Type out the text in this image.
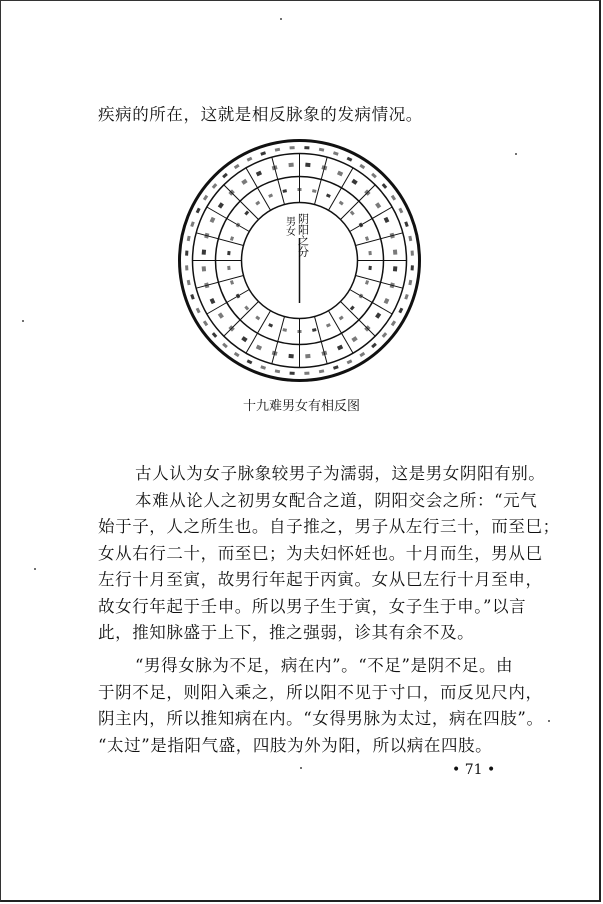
疾病的所在，这就是相反脉象的发病情况。
阴阳之分
男女
十九难男女有相反图
古人认为女子脉象较男子为濡弱，这是男女阴阳有别。
本难从论人之初男女配合之道，阴阳交会之所：“元气
始于子，人之所生也。自子推之，男子从左行三十，而至巳；
女从右行二十，而至巳；为夫妇怀妊也。十月而生，男从巳
左行十月至寅，故男行年起于丙寅。女从巳左行十月至申，
故女行年起于壬申。所以男子生于寅，女子生于申。”以言
此，推知脉盛于上下，推之强弱，诊其有余不及。
“男得女脉为不足，病在内”。“不足”是阴不足。由
于阴不足，则阳入乘之，所以阳不见于寸口，而反见尺内，
阴主内，所以推知病在内。“女得男脉为太过，病在四肢”。
“太过”是指阳气盛，四肢为外为阳，所以病在四肢。
• 71 •
